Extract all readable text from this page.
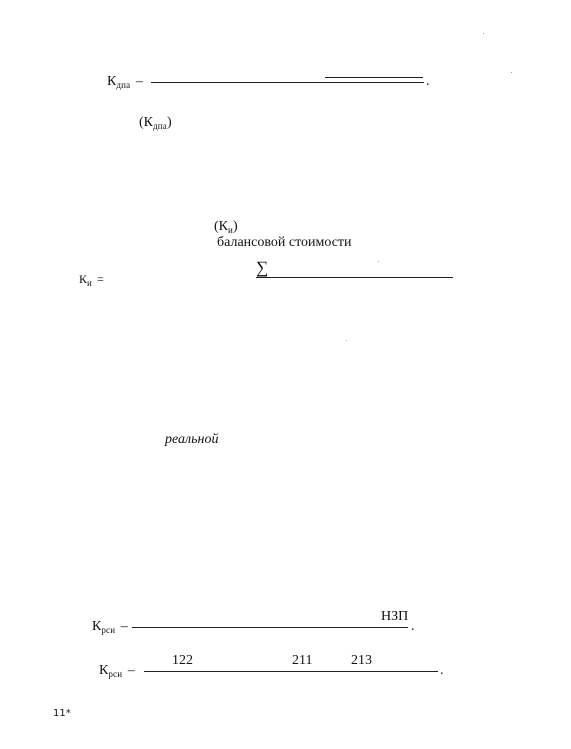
$К_{дпа}$ –	.
$(К_{дпа})$
$(К_и)$
балансовой стоимости
$К_и$ =
∑
реальной
$К_{рси}$ –
НЗП
.
$К_{рси}$ –
122	211	213
.
11*
